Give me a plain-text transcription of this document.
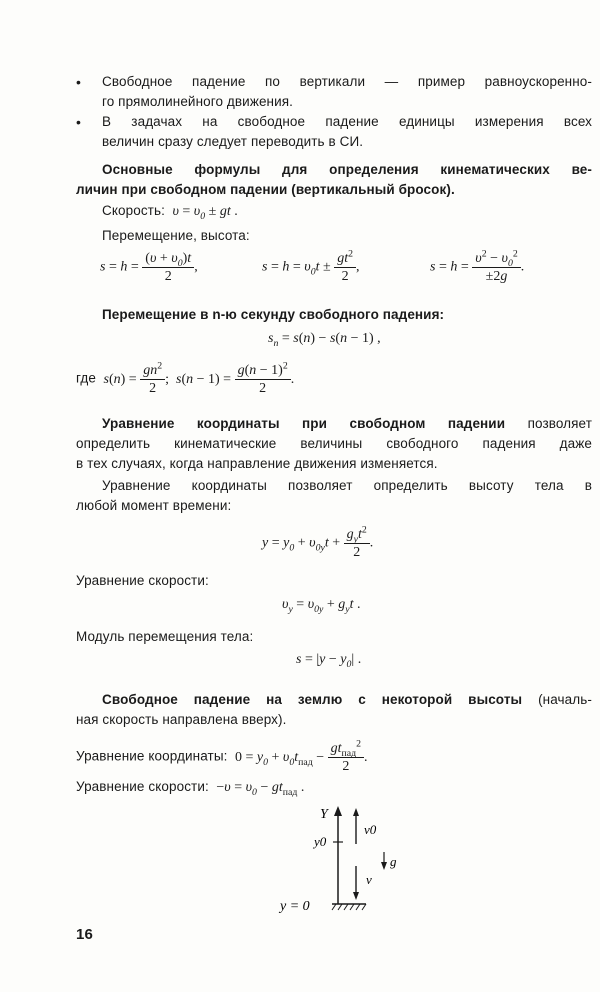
• Свободное падение по вертикали — пример равноускоренно-
го прямолинейного движения.
• В задачах на свободное падение единицы измерения всех
величин сразу следует переводить в СИ.
Основные формулы для определения кинематических ве-
личин при свободном падении (вертикальный бросок).
Скорость:  $\upsilon = \upsilon_0$ ± gt .
Перемещение, высота:
$s = h = \frac{(\upsilon + \upsilon_0)t}{2}$ ,	$s = h = \upsilon_0t \pm \frac{gt^2}{2}$ ,	$s = h = \frac{\upsilon^2 - \upsilon_0^2}{\pm 2g}$ .
Перемещение в n-ю секунду свободного падения:
$s_n = s(n) - s(n - 1)$ ,
где  $s(n) = \frac{gn^2}{2}$ ;  $s(n - 1) = \frac{g(n - 1)^2}{2}$ .
Уравнение координаты при свободном падении позволяет
определить кинематические величины свободного падения даже
в тех случаях, когда направление движения изменяется.
Уравнение координаты позволяет определить высоту тела в
любой момент времени:
$y = y_0 + \upsilon_{0y}t + \frac{g_yt^2}{2}$ .
Уравнение скорости:
$\upsilon_y = \upsilon_{0y} + g_yt$ .
Модуль перемещения тела:
$s = |y - y_0|$ .
Свободное падение на землю с некоторой высоты (началь-
ная скорость направлена вверх).
Уравнение координаты: $0 = y_0 + \upsilon_0t_{пад} - \frac{gt_{пад}^2}{2}$ .
Уравнение скорости: $-\upsilon = \upsilon_0 - gt_{пад}$ .
Y
y0
y = 0
v0
g
v
16
